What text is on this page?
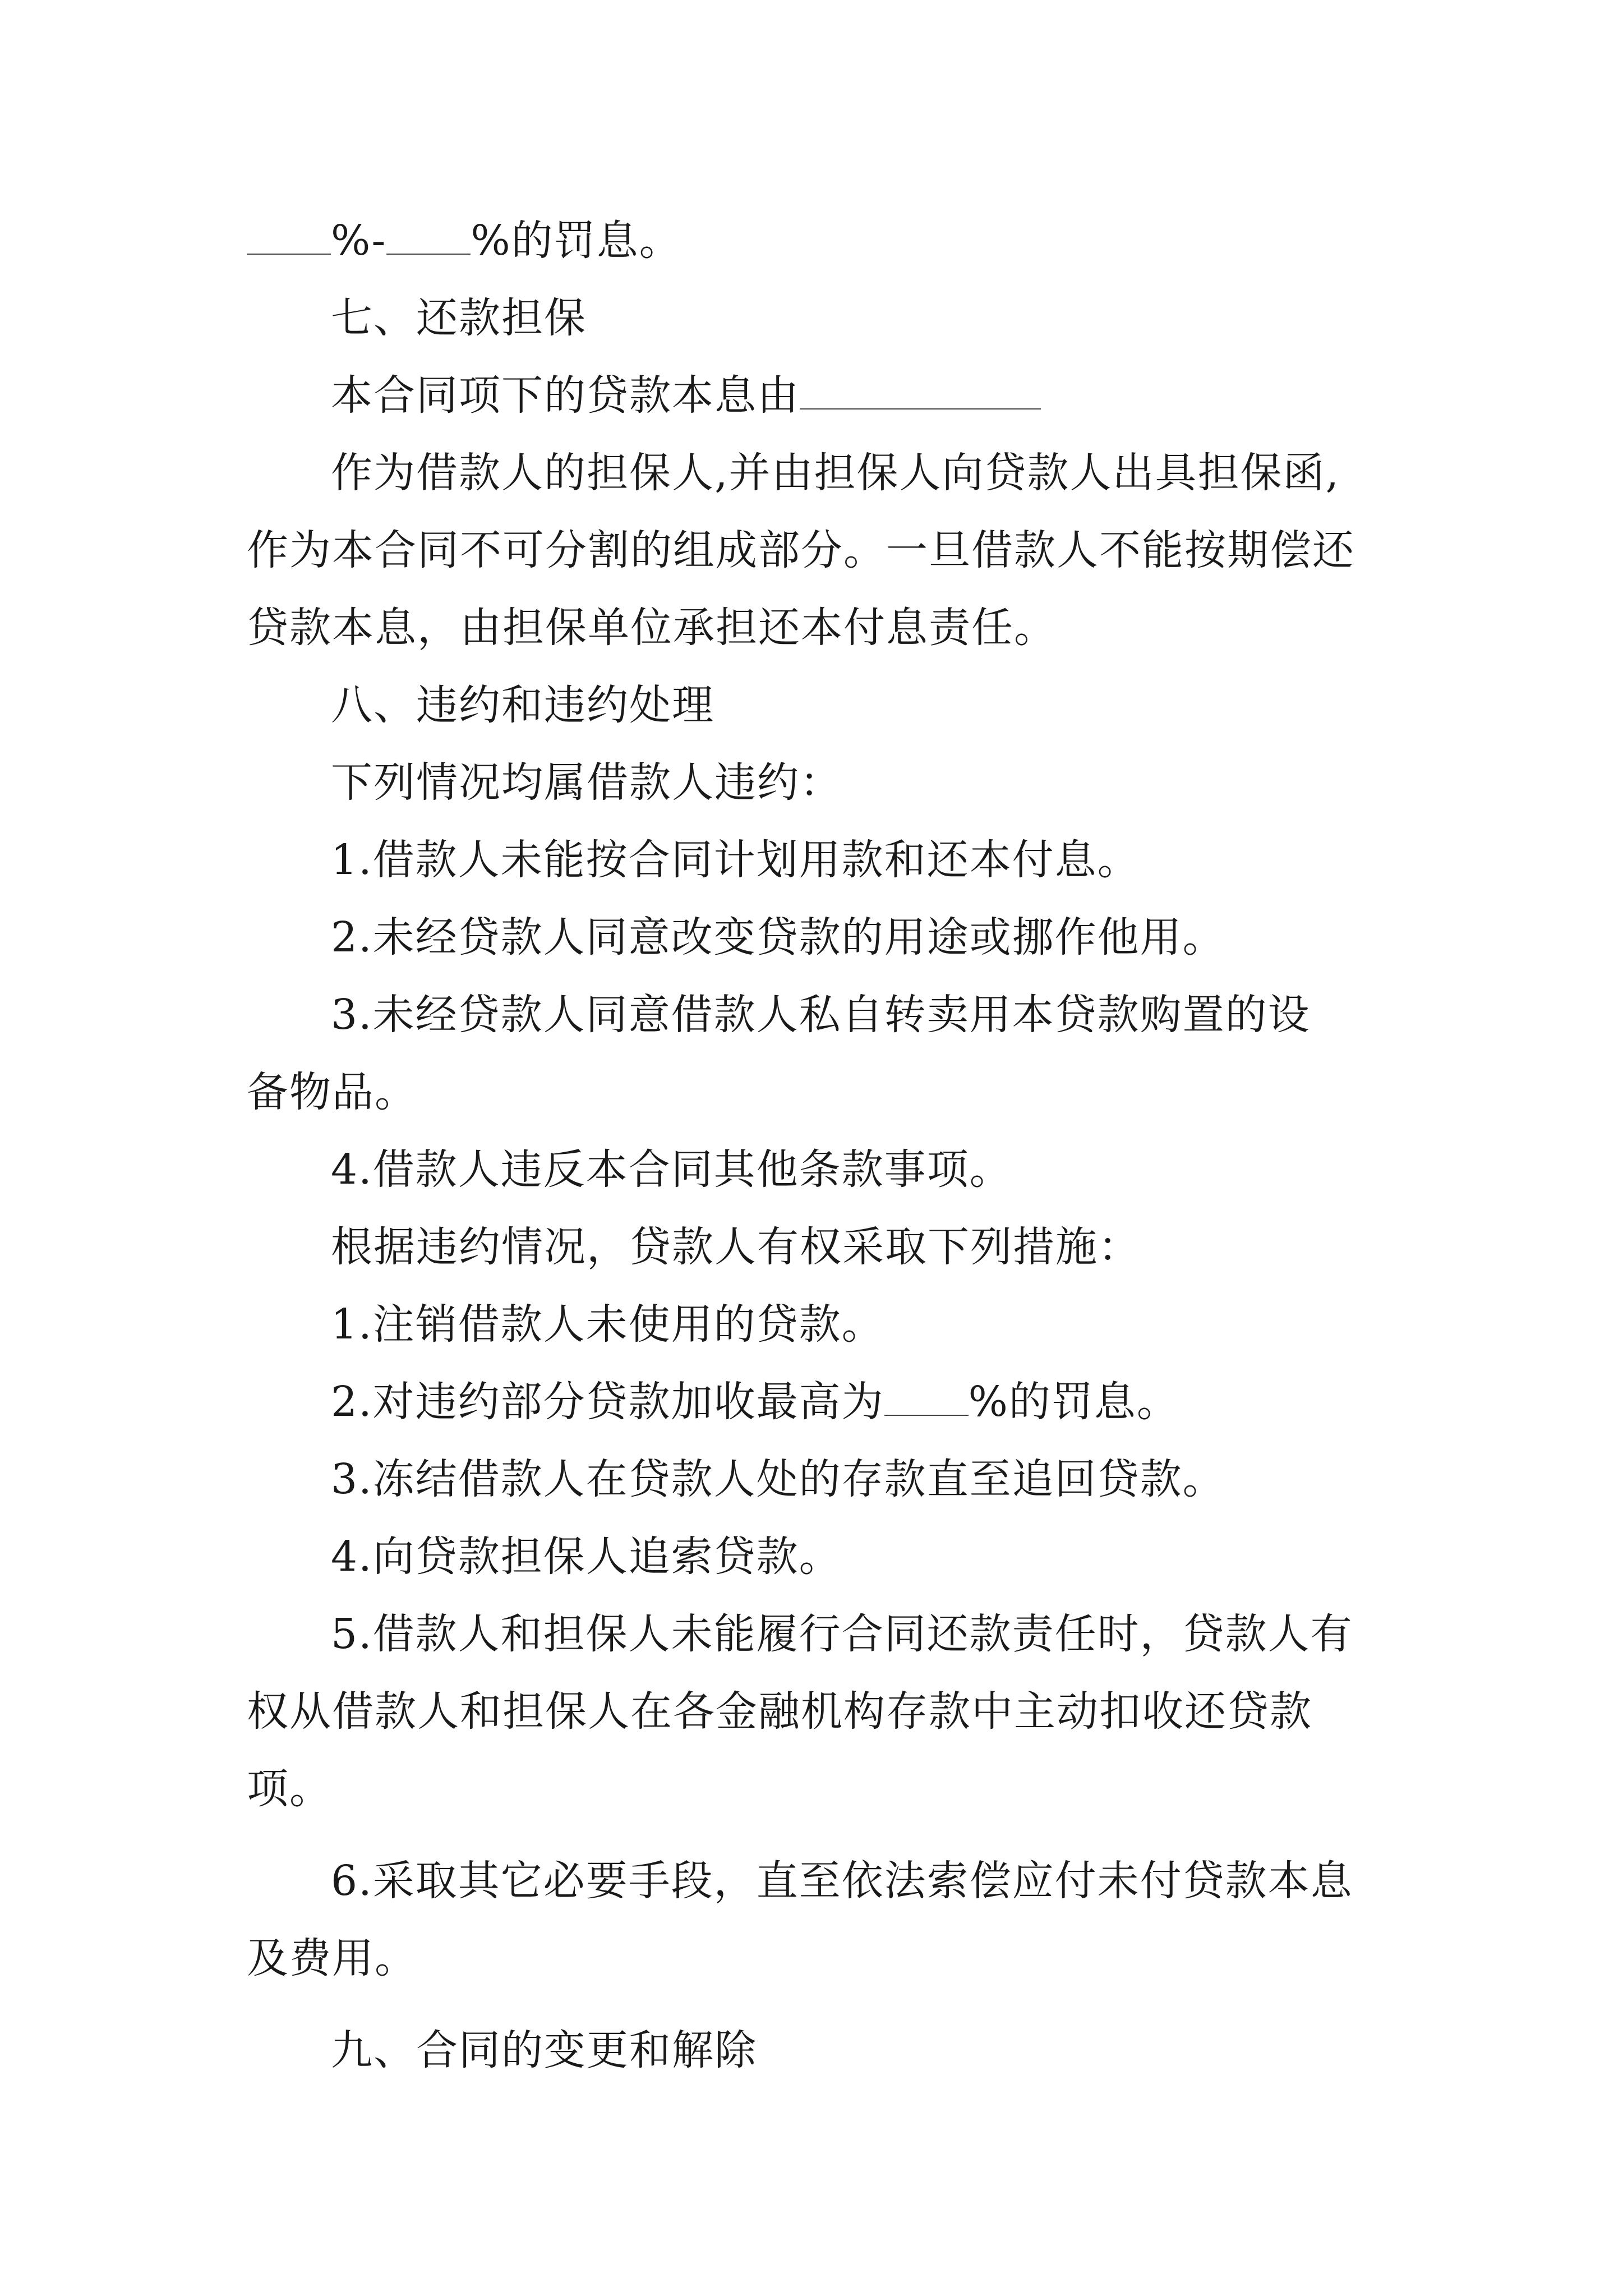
%- %的罚息。
七、还款担保
本合同项下的贷款本息由
作为借款人的担保人,并由担保人向贷款人出具担保函,
作为本合同不可分割的组成部分。一旦借款人不能按期偿还
贷款本息，由担保单位承担还本付息责任。
八、违约和违约处理
下列情况均属借款人违约：
1.借款人未能按合同计划用款和还本付息。
2.未经贷款人同意改变贷款的用途或挪作他用。
3.未经贷款人同意借款人私自转卖用本贷款购置的设
备物品。
4.借款人违反本合同其他条款事项。
根据违约情况，贷款人有权采取下列措施：
1.注销借款人未使用的贷款。
2.对违约部分贷款加收最高为 %的罚息。
3.冻结借款人在贷款人处的存款直至追回贷款。
4.向贷款担保人追索贷款。
5.借款人和担保人未能履行合同还款责任时，贷款人有
权从借款人和担保人在各金融机构存款中主动扣收还贷款
项。
6.采取其它必要手段，直至依法索偿应付未付贷款本息
及费用。
九、合同的变更和解除
